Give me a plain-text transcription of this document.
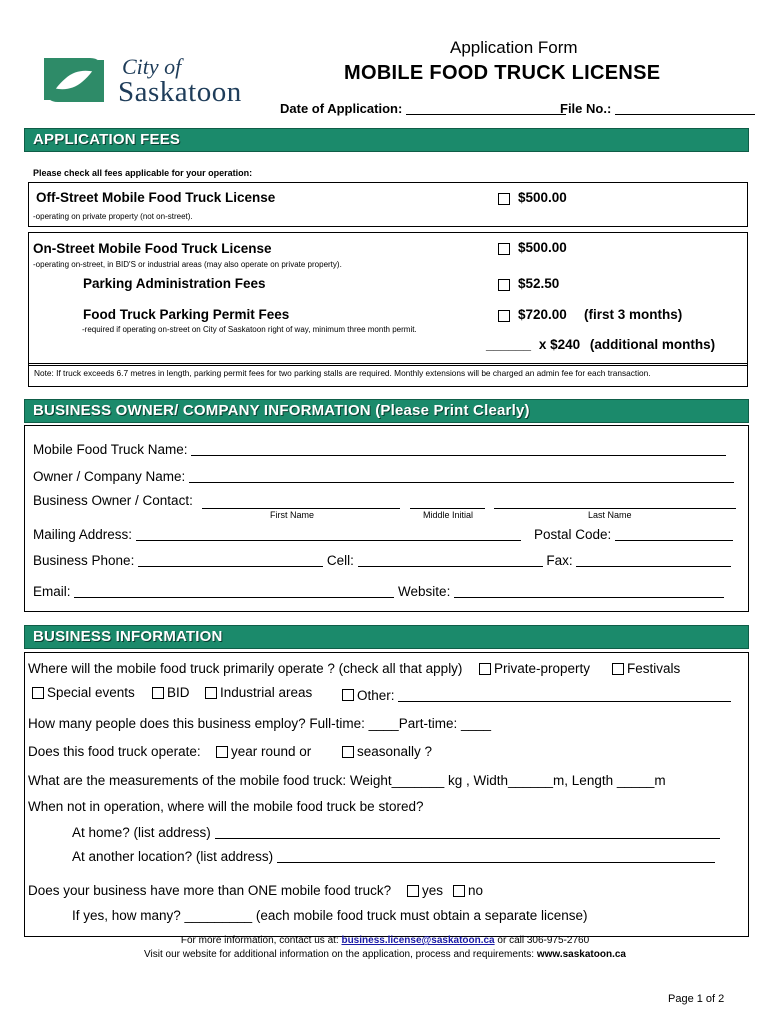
City of
Saskatoon
Application Form
MOBILE FOOD TRUCK LICENSE
Date of Application:	File No.:
APPLICATION FEES
Please check all fees applicable for your operation:
Off-Street Mobile Food Truck License	$500.00
-operating on private property (not on-street).
On-Street Mobile Food Truck License	$500.00
-operating on-street, in BID'S or industrial areas (may also operate on private property).
Parking Administration Fees	$52.50
Food Truck Parking Permit Fees	$720.00 (first 3 months)
-required if operating on-street on City of Saskatoon right of way, minimum three month permit.
______ x $240 (additional months)
Note: If truck exceeds 6.7 metres in length, parking permit fees for two parking stalls are required. Monthly extensions will be charged an admin fee for each transaction.
BUSINESS OWNER/ COMPANY INFORMATION (Please Print Clearly)
Mobile Food Truck Name:
Owner / Company Name:
Business Owner / Contact:
First Name	Middle Initial	Last Name
Mailing Address:	Postal Code:
Business Phone:	Cell:	Fax:
Email:	Website:
BUSINESS INFORMATION
Where will the mobile food truck primarily operate ? (check all that apply) Private-property	Festivals
Special events BID Industrial areas	Other:
How many people does this business employ? Full-time: ____Part-time: ____
Does this food truck operate: year round or	seasonally ?
What are the measurements of the mobile food truck: Weight_______ kg , Width______m, Length _____m
When not in operation, where will the mobile food truck be stored?
At home? (list address)
At another location? (list address)
Does your business have more than ONE mobile food truck? yes no
If yes, how many? _________ (each mobile food truck must obtain a separate license)
For more information, contact us at: business.license@saskatoon.ca or call 306-975-2760
Visit our website for additional information on the application, process and requirements: www.saskatoon.ca
Page 1 of 2
